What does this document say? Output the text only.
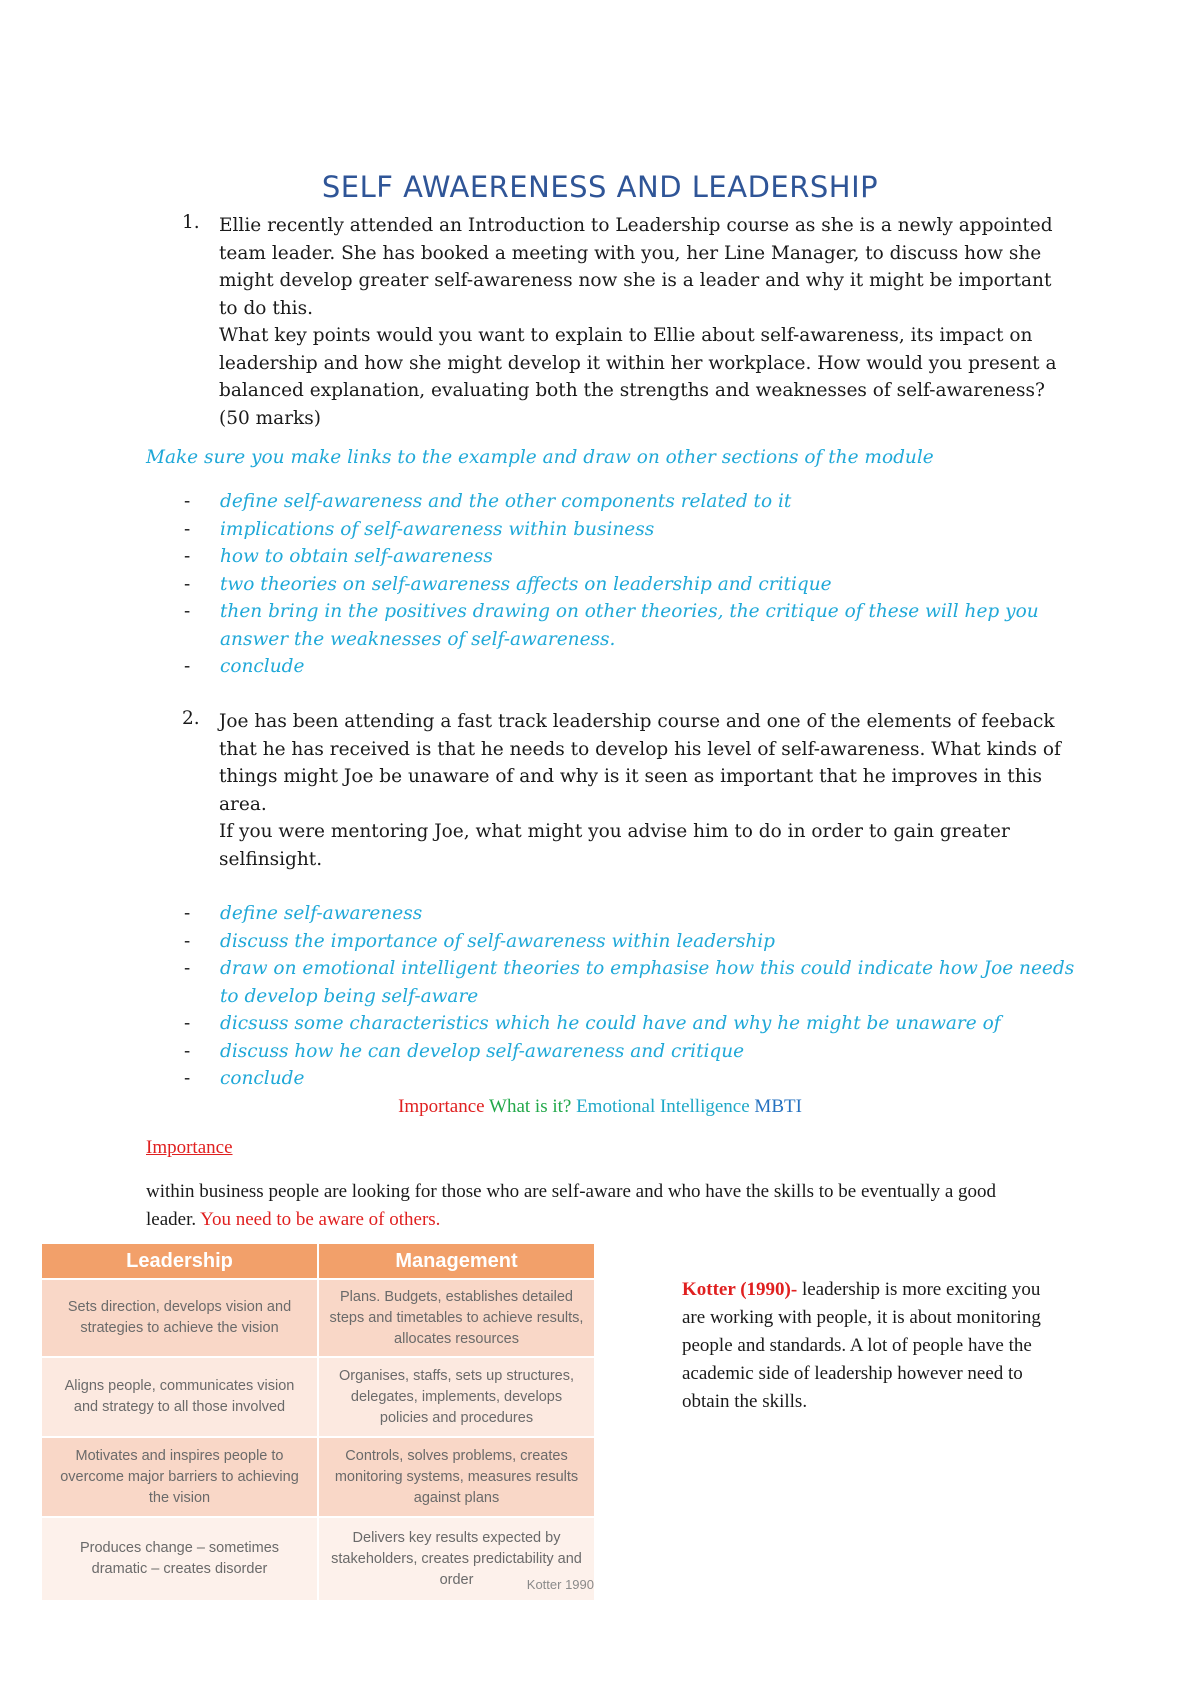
SELF AWAERENESS AND LEADERSHIP
1. Ellie recently attended an Introduction to Leadership course as she is a newly appointed team leader. She has booked a meeting with you, her Line Manager, to discuss how she might develop greater self-awareness now she is a leader and why it might be important to do this.

What key points would you want to explain to Ellie about self-awareness, its impact on leadership and how she might develop it within her workplace. How would you present a balanced explanation, evaluating both the strengths and weaknesses of self-awareness? (50 marks)

Make sure you make links to the example and draw on other sections of the module
- define self-awareness and the other components related to it
- implications of self-awareness within business
- how to obtain self-awareness
- two theories on self-awareness affects on leadership and critique
- then bring in the positives drawing on other theories, the critique of these will hep you answer the weaknesses of self-awareness.
- conclude
2. Joe has been attending a fast track leadership course and one of the elements of feeback that he has received is that he needs to develop his level of self-awareness. What kinds of things might Joe be unaware of and why is it seen as important that he improves in this area.

If you were mentoring Joe, what might you advise him to do in order to gain greater selfinsight.

- define self-awareness
- discuss the importance of self-awareness within leadership
- draw on emotional intelligent theories to emphasise how this could indicate how Joe needs to develop being self-aware
- dicsuss some characteristics which he could have and why he might be unaware of
- discuss how he can develop self-awareness and critique
- conclude
Importance What is it? Emotional Intelligence MBTI
Importance
within business people are looking for those who are self-aware and who have the skills to be eventually a good leader. You need to be aware of others.
Leadership	Management
Sets direction, develops vision and strategies to achieve the vision	Plans. Budgets, establishes detailed steps and timetables to achieve results, allocates resources
Aligns people, communicates vision and strategy to all those involved	Organises, staffs, sets up structures, delegates, implements, develops policies and procedures
Motivates and inspires people to overcome major barriers to achieving the vision	Controls, solves problems, creates monitoring systems, measures results against plans
Produces change – sometimes dramatic – creates disorder	Delivers key results expected by stakeholders, creates predictability and order	Kotter 1990
Kotter (1990)- leadership is more exciting you are working with people, it is about monitoring people and standards. A lot of people have the academic side of leadership however need to obtain the skills.
